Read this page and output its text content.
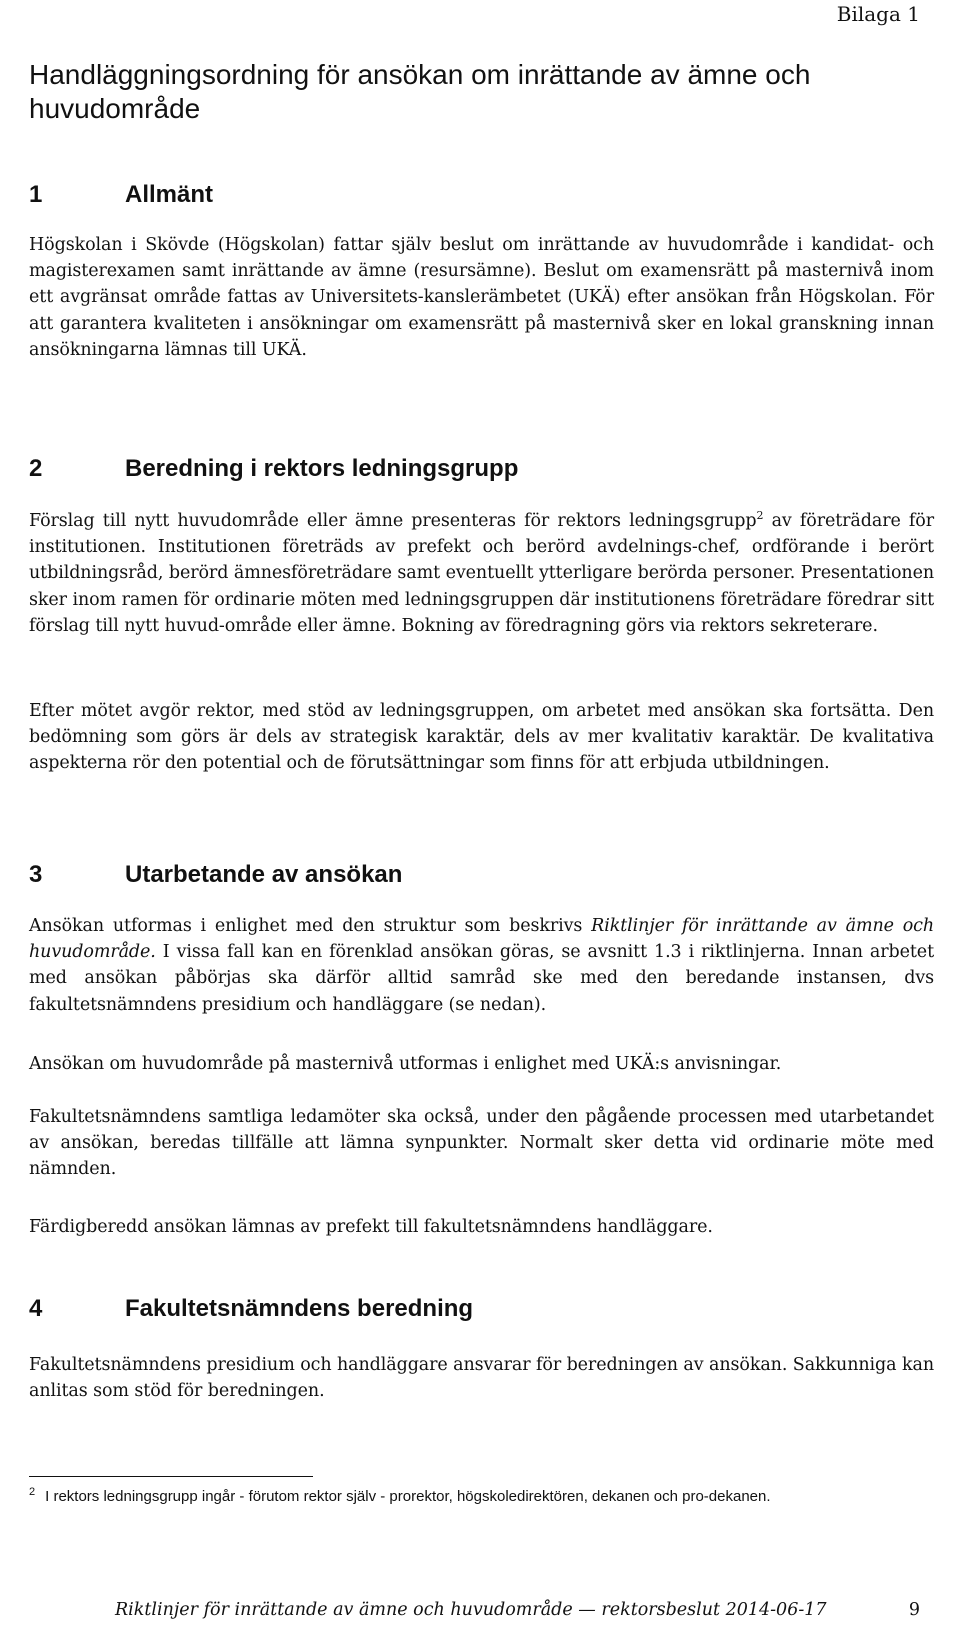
Bilaga 1
Handläggningsordning för ansökan om inrättande av ämne och huvudområde
1	Allmänt

Högskolan i Skövde (Högskolan) fattar själv beslut om inrättande av huvudområde i kandidat- och magisterexamen samt inrättande av ämne (resursämne). Beslut om examensrätt på masternivå inom ett avgränsat område fattas av Universitets-kanslerämbetet (UKÄ) efter ansökan från Högskolan. För att garantera kvaliteten i ansökningar om examensrätt på masternivå sker en lokal granskning innan ansökningarna lämnas till UKÄ.

2	Beredning i rektors ledningsgrupp

Förslag till nytt huvudområde eller ämne presenteras för rektors ledningsgrupp$^2$ av företrädare för institutionen. Institutionen företräds av prefekt och berörd avdelnings-chef, ordförande i berört utbildningsråd, berörd ämnesföreträdare samt eventuellt ytterligare berörda personer. Presentationen sker inom ramen för ordinarie möten med ledningsgruppen där institutionens företrädare föredrar sitt förslag till nytt huvud-område eller ämne. Bokning av föredragning görs via rektors sekreterare.

Efter mötet avgör rektor, med stöd av ledningsgruppen, om arbetet med ansökan ska fortsätta. Den bedömning som görs är dels av strategisk karaktär, dels av mer kvalitativ karaktär. De kvalitativa aspekterna rör den potential och de förutsättningar som finns för att erbjuda utbildningen.

3	Utarbetande av ansökan

Ansökan utformas i enlighet med den struktur som beskrivs Riktlinjer för inrättande av ämne och huvudområde. I vissa fall kan en förenklad ansökan göras, se avsnitt 1.3 i riktlinjerna. Innan arbetet med ansökan påbörjas ska därför alltid samråd ske med den beredande instansen, dvs fakultetsnämndens presidium och handläggare (se nedan).

Ansökan om huvudområde på masternivå utformas i enlighet med UKÄ:s anvisningar.

Fakultetsnämndens samtliga ledamöter ska också, under den pågående processen med utarbetandet av ansökan, beredas tillfälle att lämna synpunkter. Normalt sker detta vid ordinarie möte med nämnden.

Färdigberedd ansökan lämnas av prefekt till fakultetsnämndens handläggare.

4	Fakultetsnämndens beredning

Fakultetsnämndens presidium och handläggare ansvarar för beredningen av ansökan. Sakkunniga kan anlitas som stöd för beredningen.

$^2$ I rektors ledningsgrupp ingår - förutom rektor själv - prorektor, högskoledirektören, dekanen och pro-dekanen.

Riktlinjer för inrättande av ämne och huvudområde — rektorsbeslut 2014-06-17	9
